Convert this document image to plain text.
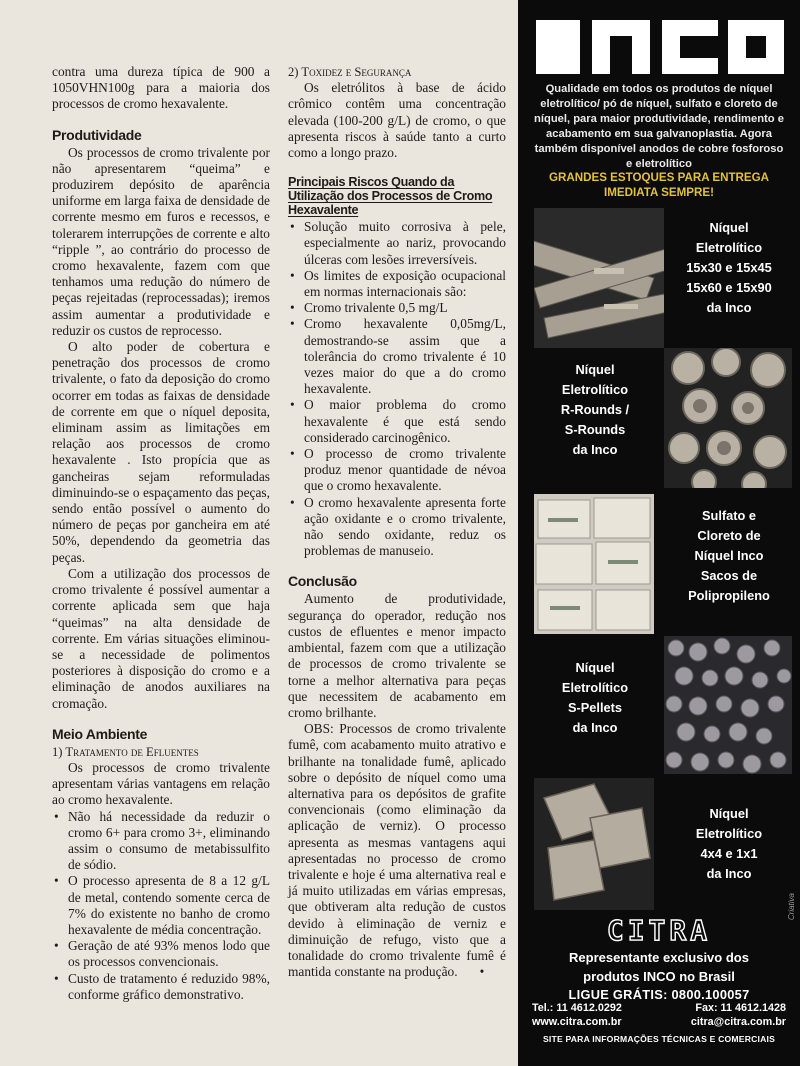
contra uma dureza típica de 900 a 1050VHN100g para a maioria dos processos de cromo hexavalente.

Produtividade

Os processos de cromo trivalente por não apresentarem “queima” e produzirem depósito de aparência uniforme em larga faixa de densidade de corrente mesmo em furos e recessos, e tolerarem interrupções de corrente e alto “ripple ”, ao contrário do processo de cromo hexavalente, fazem com que tenhamos uma redução do número de peças rejeitadas (reprocessadas); iremos assim aumentar a produtividade e reduzir os custos de reprocesso.

O alto poder de cobertura e penetração dos processos de cromo trivalente, o fato da deposição do cromo ocorrer em todas as faixas de densidade de corrente em que o níquel deposita, eliminam assim as limitações em relação aos processos de cromo hexavalente . Isto propícia que as gancheiras sejam reformuladas diminuindo-se o espaçamento das peças, sendo então possível o aumento do número de peças por gancheira em até 50%, dependendo da geometria das peças.

Com a utilização dos processos de cromo trivalente é possível aumentar a corrente aplicada sem que haja “queimas” na alta densidade de corrente. Em várias situações eliminou-se a necessidade de polimentos posteriores à disposição do cromo e a eliminação de anodos auxiliares na cromação.

Meio Ambiente

1) Tratamento de Efluentes

Os processos de cromo trivalente apresentam várias vantagens em relação ao cromo hexavalente.

• Não há necessidade da reduzir o cromo 6+ para cromo 3+, eliminando assim o consumo de metabissulfito de sódio.
• O processo apresenta de 8 a 12 g/L de metal, contendo somente cerca de 7% do existente no banho de cromo hexavalente de média concentração.
• Geração de até 93% menos lodo que os processos convencionais.
• Custo de tratamento é reduzido 98%, conforme gráfico demonstrativo.

2) Toxidez e Segurança

Os eletrólitos à base de ácido crômico contêm uma concentração elevada (100-200 g/L) de cromo, o que apresenta riscos à saúde tanto a curto como a longo prazo.

Principais Riscos Quando da Utilização dos Processos de Cromo Hexavalente
• Solução muito corrosiva à pele, especialmente ao nariz, provocando úlceras com lesões irreversíveis.
• Os limites de exposição ocupacional em normas internacionais são:
• Cromo trivalente 0,5 mg/L
• Cromo hexavalente 0,05mg/L, demostrando-se assim que a tolerância do cromo trivalente é 10 vezes maior do que a do cromo hexavalente.
• O maior problema do cromo hexavalente é que está sendo considerado carcinogênico.
• O processo de cromo trivalente produz menor quantidade de névoa que o cromo hexavalente.
• O cromo hexavalente apresenta forte ação oxidante e o cromo trivalente, não sendo oxidante, reduz os problemas de manuseio.
Conclusão

Aumento de produtividade, segurança do operador, redução nos custos de efluentes e menor impacto ambiental, fazem com que a utilização de processos de cromo trivalente se torne a melhor alternativa para peças que necessitem de acabamento em cromo brilhante.

OBS: Processos de cromo trivalente fumê, com acabamento muito atrativo e brilhante na tonalidade fumê, aplicado sobre o depósito de níquel como uma alternativa para os depósitos de grafite convencionais (como eliminação da aplicação de verniz). O processo apresenta as mesmas vantagens aqui apresentadas no processo de cromo trivalente e hoje é uma alternativa real e já muito utilizadas em várias empresas, que obtiveram alta redução de custos devido à eliminação de verniz e diminuição de refugo, visto que a tonalidade do cromo trivalente fumê é mantida constante na produção. •

Qualidade em todos os produtos de níquel eletrolítico/ pó de níquel, sulfato e cloreto de níquel, para maior produtividade, rendimento e acabamento em sua galvanoplastia. Agora também disponível anodos de cobre fosforoso e eletrolítico
GRANDES ESTOQUES PARA ENTREGA IMEDIATA SEMPRE!
Níquel
Eletrolítico
15x30 e 15x45
15x60 e 15x90
da Inco
Níquel
Eletrolítico
R-Rounds /
S-Rounds
da Inco
Sulfato e
Cloreto de
Níquel Inco
Sacos de
Polipropileno
Níquel
Eletrolítico
S-Pellets
da Inco
Níquel
Eletrolítico
4x4 e 1x1
da Inco
CITRA
Representante exclusivo dos
produtos INCO no Brasil
LIGUE GRÁTIS: 0800.100057
Tel.: 11 4612.0292	Fax: 11 4612.1428
www.citra.com.br	citra@citra.com.br
SITE PARA INFORMAÇÕES TÉCNICAS E COMERCIAIS
Criativa
